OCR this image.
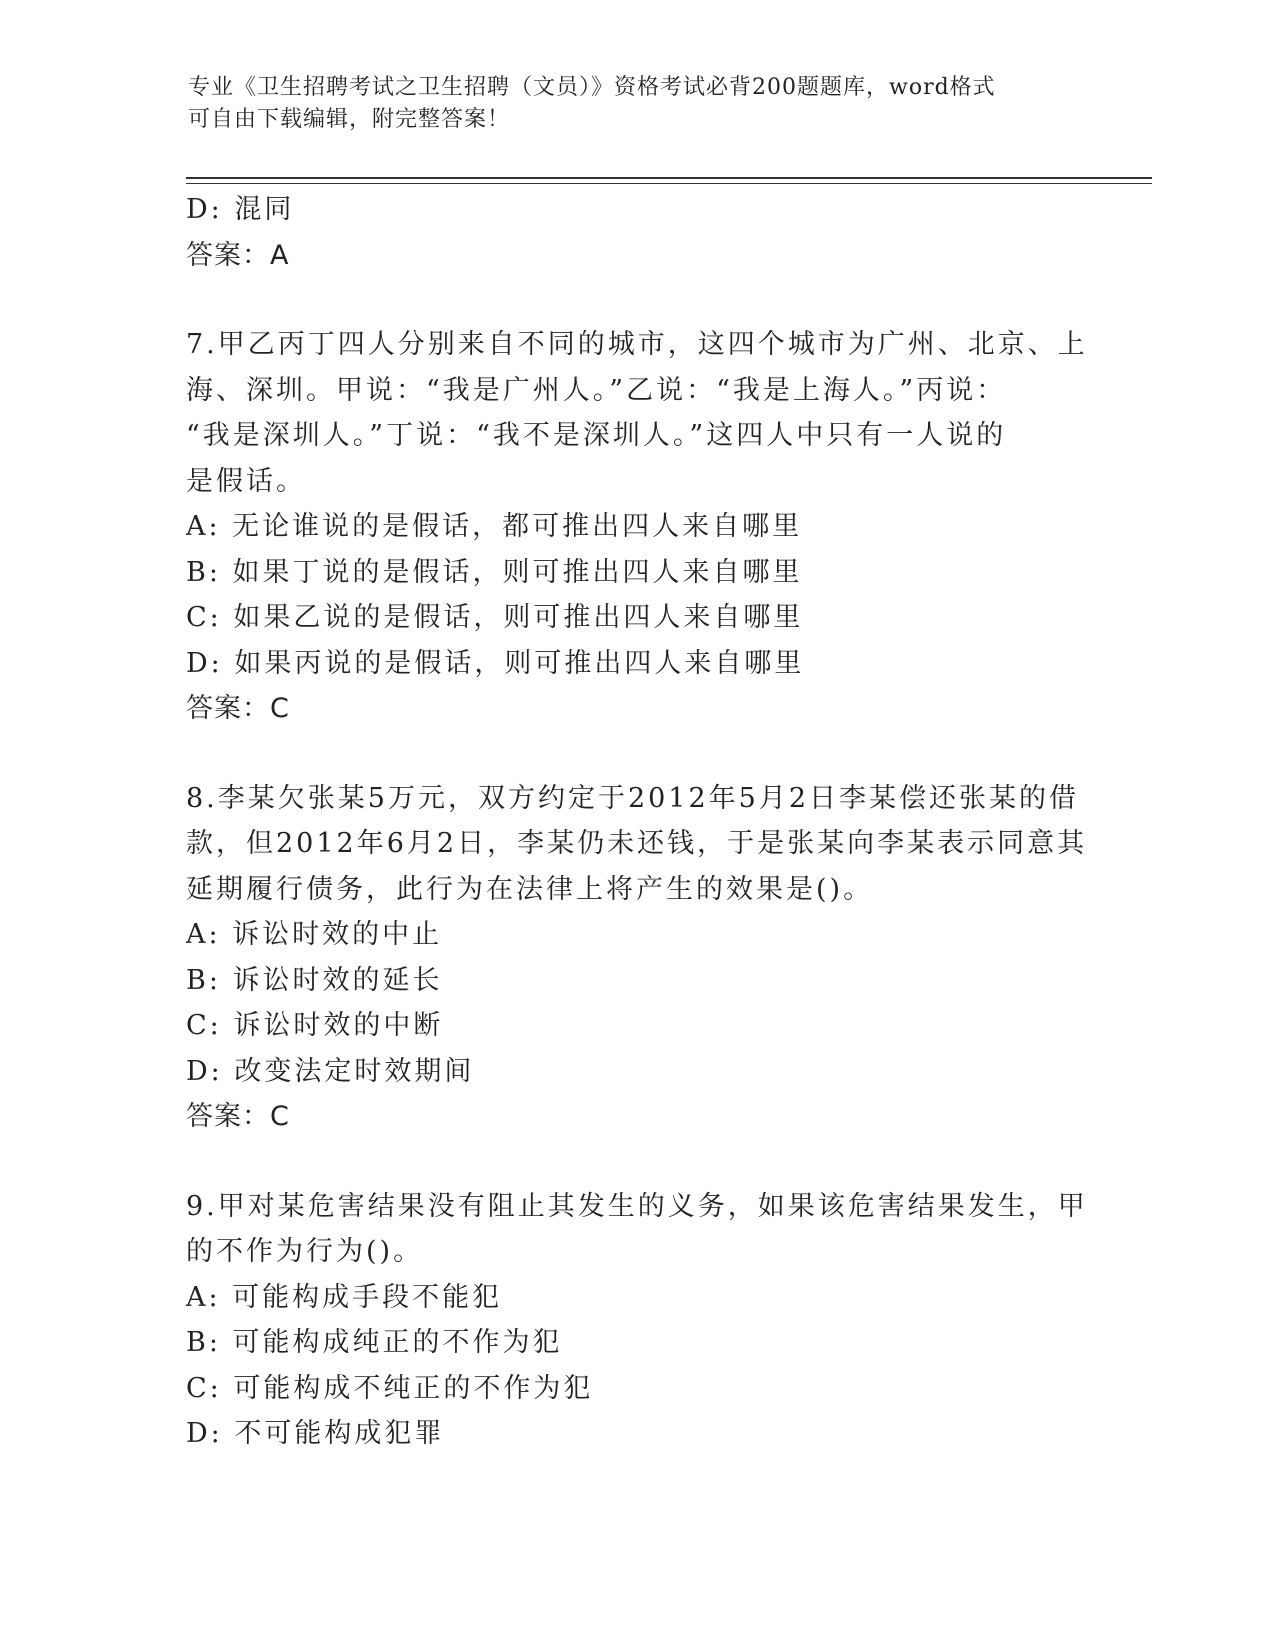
专业《卫生招聘考试之卫生招聘（文员）》资格考试必背200题题库，word格式
可自由下载编辑，附完整答案！
D: 混同
答案：A
7.甲乙丙丁四人分别来自不同的城市，这四个城市为广州、北京、上
海、深圳。甲说：“我是广州人。”乙说：“我是上海人。”丙说：
“我是深圳人。”丁说：“我不是深圳人。”这四人中只有一人说的
是假话。
A: 无论谁说的是假话，都可推出四人来自哪里
B: 如果丁说的是假话，则可推出四人来自哪里
C: 如果乙说的是假话，则可推出四人来自哪里
D: 如果丙说的是假话，则可推出四人来自哪里
答案：C
8.李某欠张某5万元，双方约定于2012年5月2日李某偿还张某的借
款，但2012年6月2日，李某仍未还钱，于是张某向李某表示同意其
延期履行债务，此行为在法律上将产生的效果是()。
A: 诉讼时效的中止
B: 诉讼时效的延长
C: 诉讼时效的中断
D: 改变法定时效期间
答案：C
9.甲对某危害结果没有阻止其发生的义务，如果该危害结果发生，甲
的不作为行为()。
A: 可能构成手段不能犯
B: 可能构成纯正的不作为犯
C: 可能构成不纯正的不作为犯
D: 不可能构成犯罪
